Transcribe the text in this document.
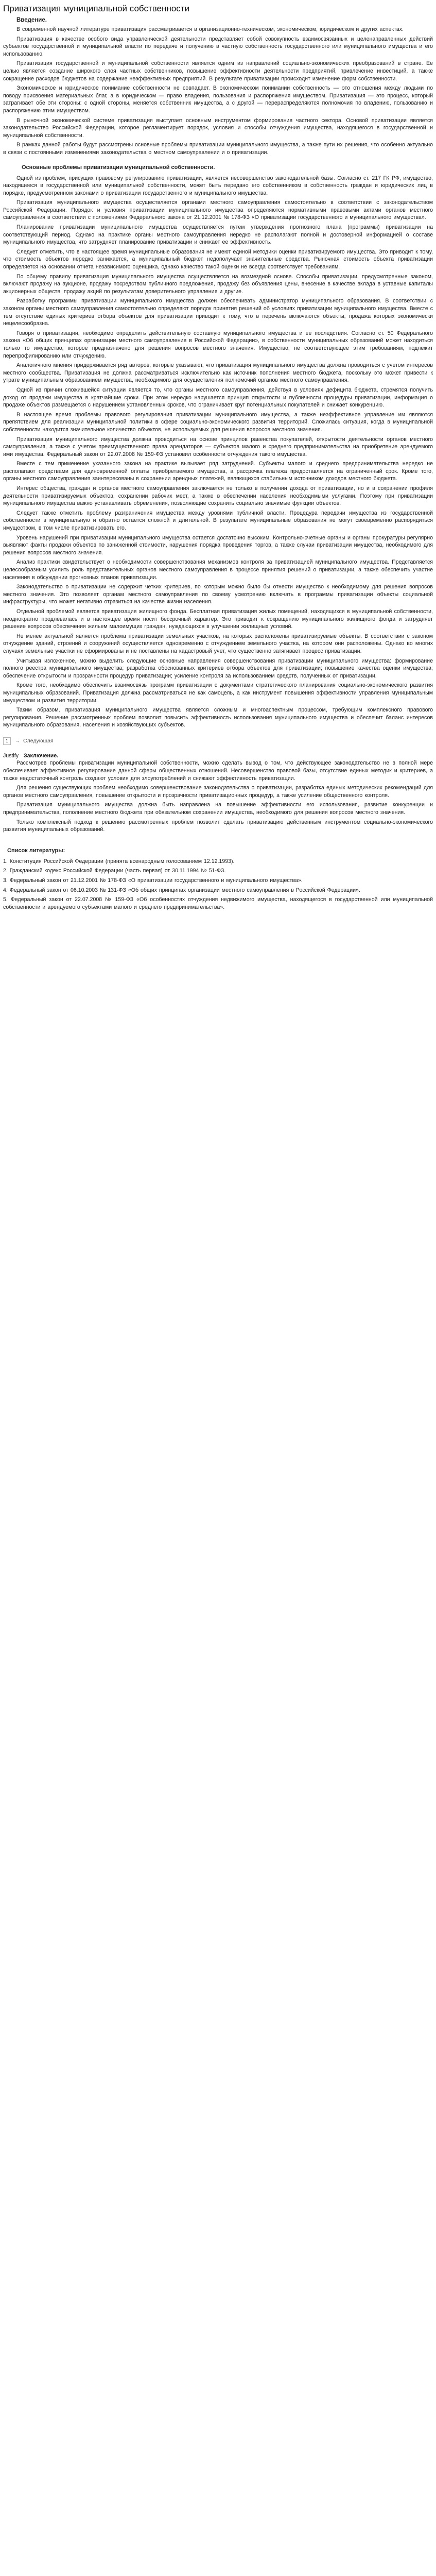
Приватизация муниципальной собственности
Введение.

В современной научной литературе приватизация рассматривается в организационно-техническом, экономическом, юридическом и других аспектах.

Приватизация в качестве особого вида управленческой деятельности представляет собой совокупность взаимосвязанных и целенаправленных действий субъектов государственной и муниципальной власти по передаче и получению в частную собственность государственного или муниципального имущества и его использованию.

Приватизация государственной и муниципальной собственности является одним из направлений социально-экономических преобразований в стране. Ее целью является создание широкого слоя частных собственников, повышение эффективности деятельности предприятий, привлечение инвестиций, а также сокращение расходов бюджетов на содержание неэффективных предприятий. В результате приватизации происходит изменение форм собственности.

Экономическое и юридическое понимание собственности не совпадает. В экономическом понимании собственность — это отношения между людьми по поводу присвоения материальных благ, а в юридическом — право владения, пользования и распоряжения имуществом. Приватизация — это процесс, который затрагивает обе эти стороны: с одной стороны, меняется собственник имущества, а с другой — перераспределяются полномочия по владению, пользованию и распоряжению этим имуществом.

В рыночной экономической системе приватизация выступает основным инструментом формирования частного сектора. Основой приватизации является законодательство Российской Федерации, которое регламентирует порядок, условия и способы отчуждения имущества, находящегося в государственной и муниципальной собственности.

В рамках данной работы будут рассмотрены основные проблемы приватизации муниципального имущества, а также пути их решения, что особенно актуально в связи с постоянными изменениями законодательства о местном самоуправлении и о приватизации.

Основные проблемы приватизации муниципальной собственности.

Одной из проблем, присущих правовому регулированию приватизации, является несовершенство законодательной базы. Согласно ст. 217 ГК РФ, имущество, находящееся в государственной или муниципальной собственности, может быть передано его собственником в собственность граждан и юридических лиц в порядке, предусмотренном законами о приватизации государственного и муниципального имущества.

Приватизация муниципального имущества осуществляется органами местного самоуправления самостоятельно в соответствии с законодательством Российской Федерации. Порядок и условия приватизации муниципального имущества определяются нормативными правовыми актами органов местного самоуправления в соответствии с положениями Федерального закона от 21.12.2001 № 178-ФЗ «О приватизации государственного и муниципального имущества».

Планирование приватизации муниципального имущества осуществляется путем утверждения прогнозного плана (программы) приватизации на соответствующий период. Однако на практике органы местного самоуправления нередко не располагают полной и достоверной информацией о составе муниципального имущества, что затрудняет планирование приватизации и снижает ее эффективность.

Следует отметить, что в настоящее время муниципальные образования не имеют единой методики оценки приватизируемого имущества. Это приводит к тому, что стоимость объектов нередко занижается, а муниципальный бюджет недополучает значительные средства. Рыночная стоимость объекта приватизации определяется на основании отчета независимого оценщика, однако качество такой оценки не всегда соответствует требованиям.

По общему правилу приватизация муниципального имущества осуществляется на возмездной основе. Способы приватизации, предусмотренные законом, включают продажу на аукционе, продажу посредством публичного предложения, продажу без объявления цены, внесение в качестве вклада в уставные капиталы акционерных обществ, продажу акций по результатам доверительного управления и другие.

Разработку программы приватизации муниципального имущества должен обеспечивать администратор муниципального образования. В соответствии с законом органы местного самоуправления самостоятельно определяют порядок принятия решений об условиях приватизации муниципального имущества. Вместе с тем отсутствие единых критериев отбора объектов для приватизации приводит к тому, что в перечень включаются объекты, продажа которых экономически нецелесообразна.

Говоря о приватизации, необходимо определить действительную составную муниципального имущества и ее последствия. Согласно ст. 50 Федерального закона «Об общих принципах организации местного самоуправления в Российской Федерации», в собственности муниципальных образований может находиться только то имущество, которое предназначено для решения вопросов местного значения. Имущество, не соответствующее этим требованиям, подлежит перепрофилированию или отчуждению.

Аналогичного мнения придерживается ряд авторов, которые указывают, что приватизация муниципального имущества должна проводиться с учетом интересов местного сообщества. Приватизация не должна рассматриваться исключительно как источник пополнения местного бюджета, поскольку это может привести к утрате муниципальным образованием имущества, необходимого для осуществления полномочий органов местного самоуправления.

Одной из причин сложившейся ситуации является то, что органы местного самоуправления, действуя в условиях дефицита бюджета, стремятся получить доход от продажи имущества в кратчайшие сроки. При этом нередко нарушается принцип открытости и публичности процедуры приватизации, информация о продаже объектов размещается с нарушением установленных сроков, что ограничивает круг потенциальных покупателей и снижает конкуренцию.

В настоящее время проблемы правового регулирования приватизации муниципального имущества, а также неэффективное управление им являются препятствием для реализации муниципальной политики в сфере социально-экономического развития территорий. Сложилась ситуация, когда в муниципальной собственности находится значительное количество объектов, не используемых для решения вопросов местного значения.

Приватизация муниципального имущества должна проводиться на основе принципов равенства покупателей, открытости деятельности органов местного самоуправления, а также с учетом преимущественного права арендаторов — субъектов малого и среднего предпринимательства на приобретение арендуемого ими имущества. Федеральный закон от 22.07.2008 № 159-ФЗ установил особенности отчуждения такого имущества.

Вместе с тем применение указанного закона на практике вызывает ряд затруднений. Субъекты малого и среднего предпринимательства нередко не располагают средствами для единовременной оплаты приобретаемого имущества, а рассрочка платежа предоставляется на ограниченный срок. Кроме того, органы местного самоуправления заинтересованы в сохранении арендных платежей, являющихся стабильным источником доходов местного бюджета.

Интерес общества, граждан и органов местного самоуправления заключается не только в получении дохода от приватизации, но и в сохранении профиля деятельности приватизируемых объектов, сохранении рабочих мест, а также в обеспечении населения необходимыми услугами. Поэтому при приватизации муниципального имущества важно устанавливать обременения, позволяющие сохранить социально значимые функции объектов.

Следует также отметить проблему разграничения имущества между уровнями публичной власти. Процедура передачи имущества из государственной собственности в муниципальную и обратно остается сложной и длительной. В результате муниципальные образования не могут своевременно распорядиться имуществом, в том числе приватизировать его.

Уровень нарушений при приватизации муниципального имущества остается достаточно высоким. Контрольно-счетные органы и органы прокуратуры регулярно выявляют факты продажи объектов по заниженной стоимости, нарушения порядка проведения торгов, а также случаи приватизации имущества, необходимого для решения вопросов местного значения.

Анализ практики свидетельствует о необходимости совершенствования механизмов контроля за приватизацией муниципального имущества. Представляется целесообразным усилить роль представительных органов местного самоуправления в процессе принятия решений о приватизации, а также обеспечить участие населения в обсуждении прогнозных планов приватизации.

Законодательство о приватизации не содержит четких критериев, по которым можно было бы отнести имущество к необходимому для решения вопросов местного значения. Это позволяет органам местного самоуправления по своему усмотрению включать в программы приватизации объекты социальной инфраструктуры, что может негативно отразиться на качестве жизни населения.

Отдельной проблемой является приватизация жилищного фонда. Бесплатная приватизация жилых помещений, находящихся в муниципальной собственности, неоднократно продлевалась и в настоящее время носит бессрочный характер. Это приводит к сокращению муниципального жилищного фонда и затрудняет решение вопросов обеспечения жильем малоимущих граждан, нуждающихся в улучшении жилищных условий.

Не менее актуальной является проблема приватизации земельных участков, на которых расположены приватизируемые объекты. В соответствии с законом отчуждение зданий, строений и сооружений осуществляется одновременно с отчуждением земельного участка, на котором они расположены. Однако во многих случаях земельные участки не сформированы и не поставлены на кадастровый учет, что существенно затягивает процесс приватизации.

Учитывая изложенное, можно выделить следующие основные направления совершенствования приватизации муниципального имущества: формирование полного реестра муниципального имущества; разработка обоснованных критериев отбора объектов для приватизации; повышение качества оценки имущества; обеспечение открытости и прозрачности процедур приватизации; усиление контроля за использованием средств, полученных от приватизации.

Кроме того, необходимо обеспечить взаимосвязь программ приватизации с документами стратегического планирования социально-экономического развития муниципальных образований. Приватизация должна рассматриваться не как самоцель, а как инструмент повышения эффективности управления муниципальным имуществом и развития территории.

Таким образом, приватизация муниципального имущества является сложным и многоаспектным процессом, требующим комплексного правового регулирования. Решение рассмотренных проблем позволит повысить эффективность использования муниципального имущества и обеспечит баланс интересов муниципального образования, населения и хозяйствующих субъектов.

1	→ Следующая
Justify Заключение.

Рассмотрев проблемы приватизации муниципальной собственности, можно сделать вывод о том, что действующее законодательство не в полной мере обеспечивает эффективное регулирование данной сферы общественных отношений. Несовершенство правовой базы, отсутствие единых методик и критериев, а также недостаточный контроль создают условия для злоупотреблений и снижают эффективность приватизации.

Для решения существующих проблем необходимо совершенствование законодательства о приватизации, разработка единых методических рекомендаций для органов местного самоуправления, повышение открытости и прозрачности приватизационных процедур, а также усиление общественного контроля.

Приватизация муниципального имущества должна быть направлена на повышение эффективности его использования, развитие конкуренции и предпринимательства, пополнение местного бюджета при обязательном сохранении имущества, необходимого для решения вопросов местного значения.

Только комплексный подход к решению рассмотренных проблем позволит сделать приватизацию действенным инструментом социально-экономического развития муниципальных образований.

Список литературы:

1. Конституция Российской Федерации (принята всенародным голосованием 12.12.1993).

2. Гражданский кодекс Российской Федерации (часть первая) от 30.11.1994 № 51-ФЗ.

3. Федеральный закон от 21.12.2001 № 178-ФЗ «О приватизации государственного и муниципального имущества».

4. Федеральный закон от 06.10.2003 № 131-ФЗ «Об общих принципах организации местного самоуправления в Российской Федерации».

5. Федеральный закон от 22.07.2008 № 159-ФЗ «Об особенностях отчуждения недвижимого имущества, находящегося в государственной или муниципальной собственности и арендуемого субъектами малого и среднего предпринимательства».
